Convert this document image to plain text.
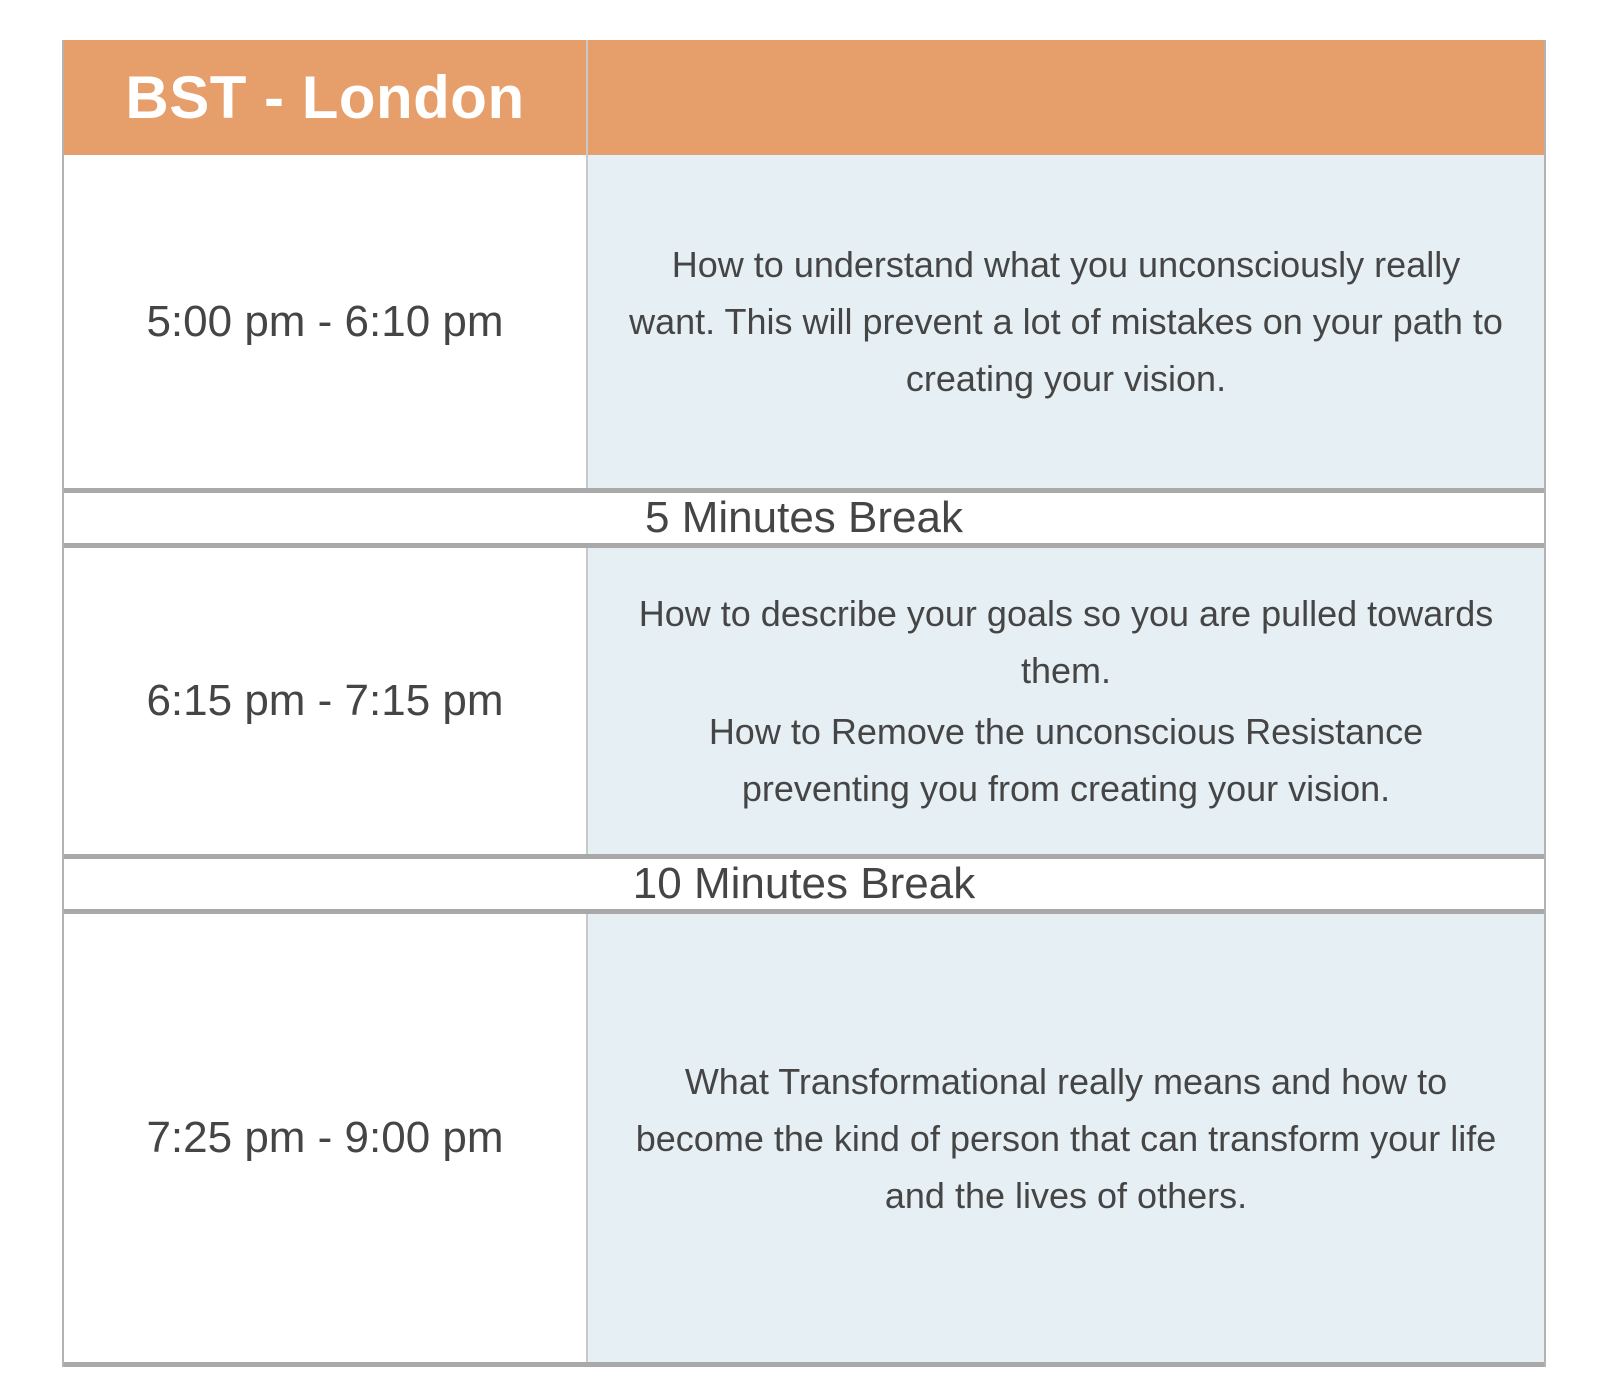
BST - London
5:00 pm - 6:10 pm

How to understand what you unconsciously really want. This will prevent a lot of mistakes on your path to creating your vision.

5 Minutes Break
6:15 pm - 7:15 pm

How to describe your goals so you are pulled towards them.

How to Remove the unconscious Resistance preventing you from creating your vision.

10 Minutes Break
7:25 pm - 9:00 pm

What Transformational really means and how to become the kind of person that can transform your life and the lives of others.
